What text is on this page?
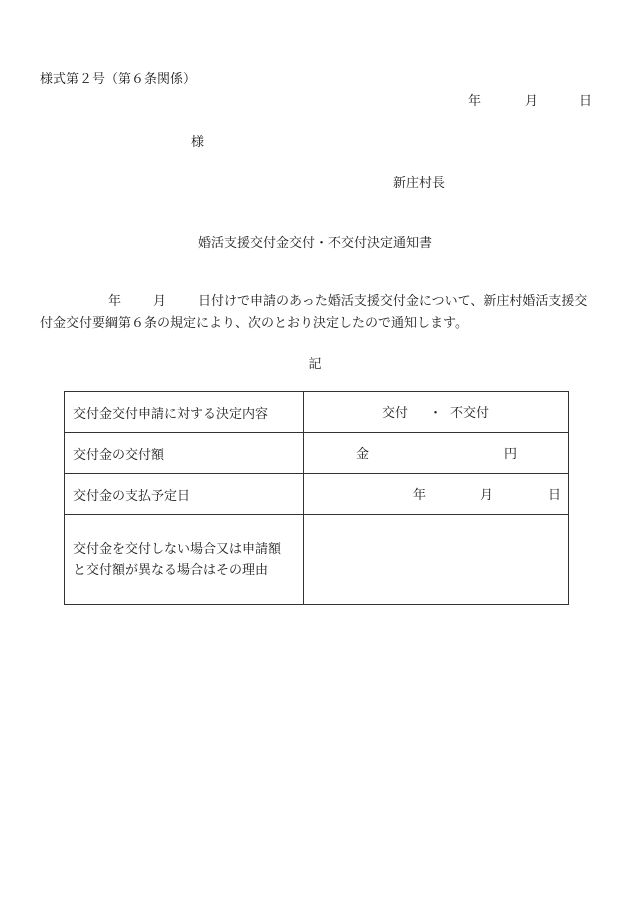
様式第２号（第６条関係）
年	月	日
様
新庄村長
婚活支援交付金交付・不交付決定通知書
年 月 日付けで申請のあった婚活支援交付金について、新庄村婚活支援交付金交付要綱第６条の規定により、次のとおり決定したので通知します。
記
交付金交付申請に対する決定内容	交付 ・ 不交付

交付金の交付額	金 円

交付金の支払予定日	年 月 日

交付金を交付しない場合又は申請額
と交付額が異なる場合はその理由	
